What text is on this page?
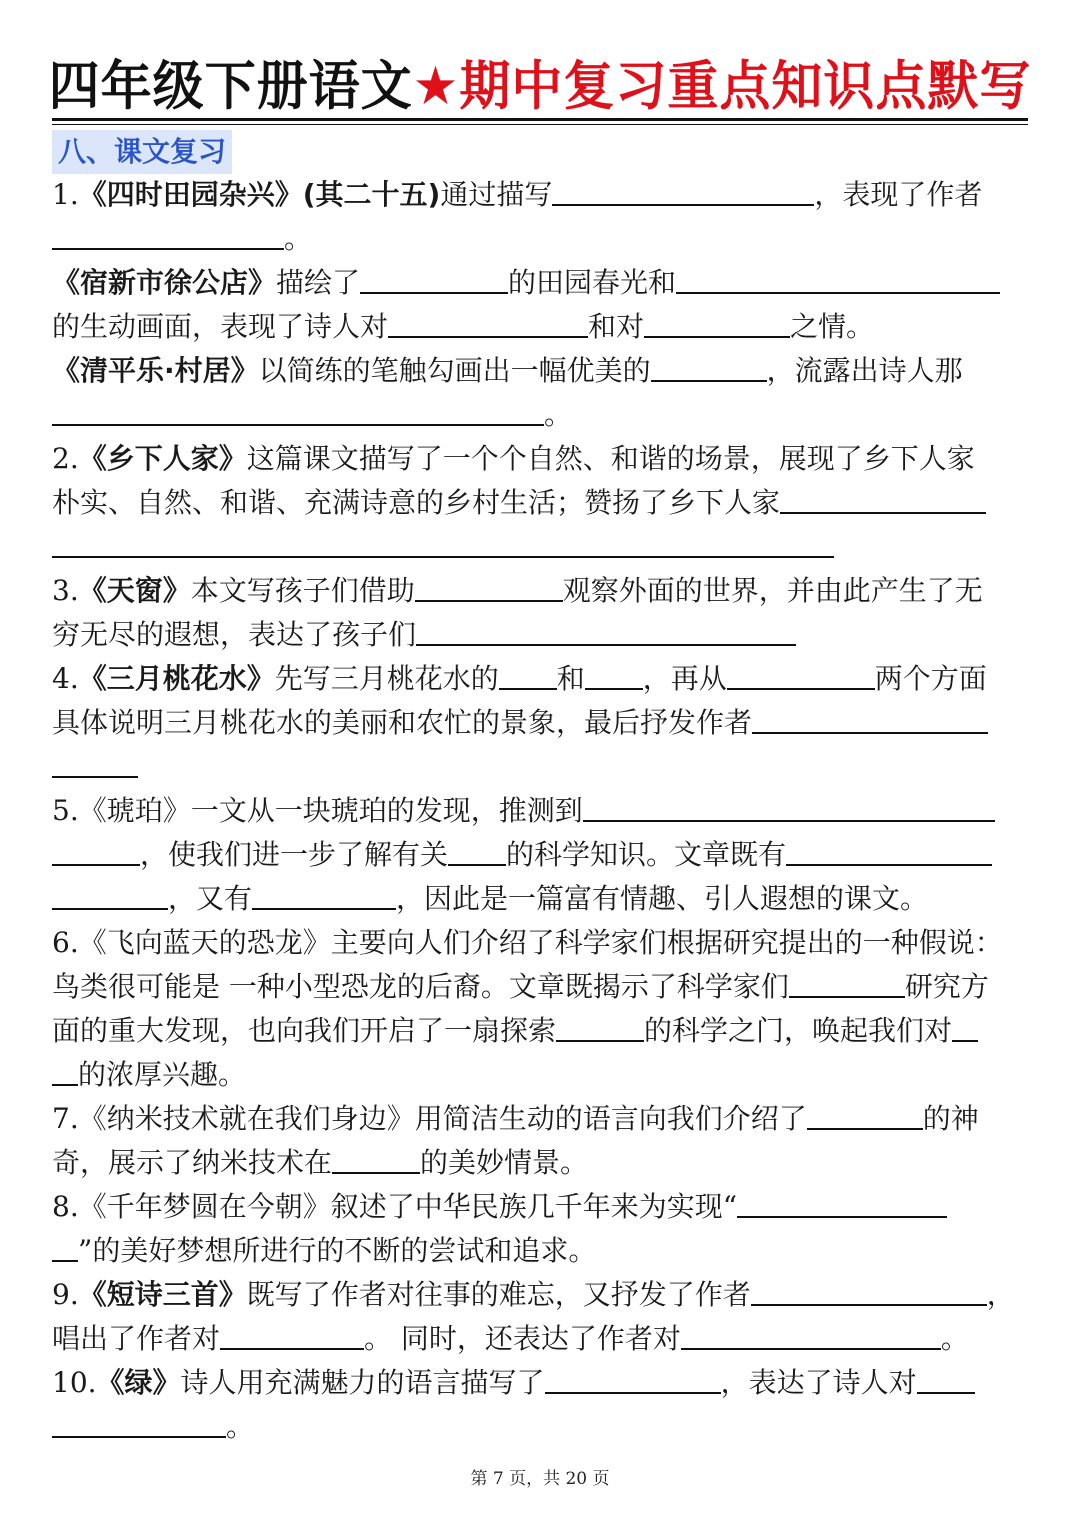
四年级下册语文★期中复习重点知识点默写
八、课文复习
1.《四时田园杂兴》(其二十五)通过描写	，表现了作者
。
《宿新市徐公店》描绘了	的田园春光和
的生动画面，表现了诗人对	和对	之情。
《清平乐·村居》以简练的笔触勾画出一幅优美的	，流露出诗人那
。
2.《乡下人家》这篇课文描写了一个个自然、和谐的场景，展现了乡下人家
朴实、自然、和谐、充满诗意的乡村生活；赞扬了乡下人家
3.《天窗》本文写孩子们借助	观察外面的世界，并由此产生了无
穷无尽的遐想，表达了孩子们
4.《三月桃花水》先写三月桃花水的 和 ，再从	两个方面
具体说明三月桃花水的美丽和农忙的景象，最后抒发作者
5.《琥珀》一文从一块琥珀的发现，推测到
，使我们进一步了解有关 的科学知识。文章既有
，又有	，因此是一篇富有情趣、引人遐想的课文。
6.《飞向蓝天的恐龙》主要向人们介绍了科学家们根据研究提出的一种假说：
鸟类很可能是 一种小型恐龙的后裔。文章既揭示了科学家们	研究方
面的重大发现，也向我们开启了一扇探索	的科学之门，唤起我们对
的浓厚兴趣。
7.《纳米技术就在我们身边》用简洁生动的语言向我们介绍了	的神
奇，展示了纳米技术在	的美妙情景。
8.《千年梦圆在今朝》叙述了中华民族几千年来为实现“
”的美好梦想所进行的不断的尝试和追求。
9.《短诗三首》既写了作者对往事的难忘，又抒发了作者	，
唱出了作者对	。 同时，还表达了作者对	。
10.《绿》诗人用充满魅力的语言描写了	，表达了诗人对
。
第 7 页，共 20 页
